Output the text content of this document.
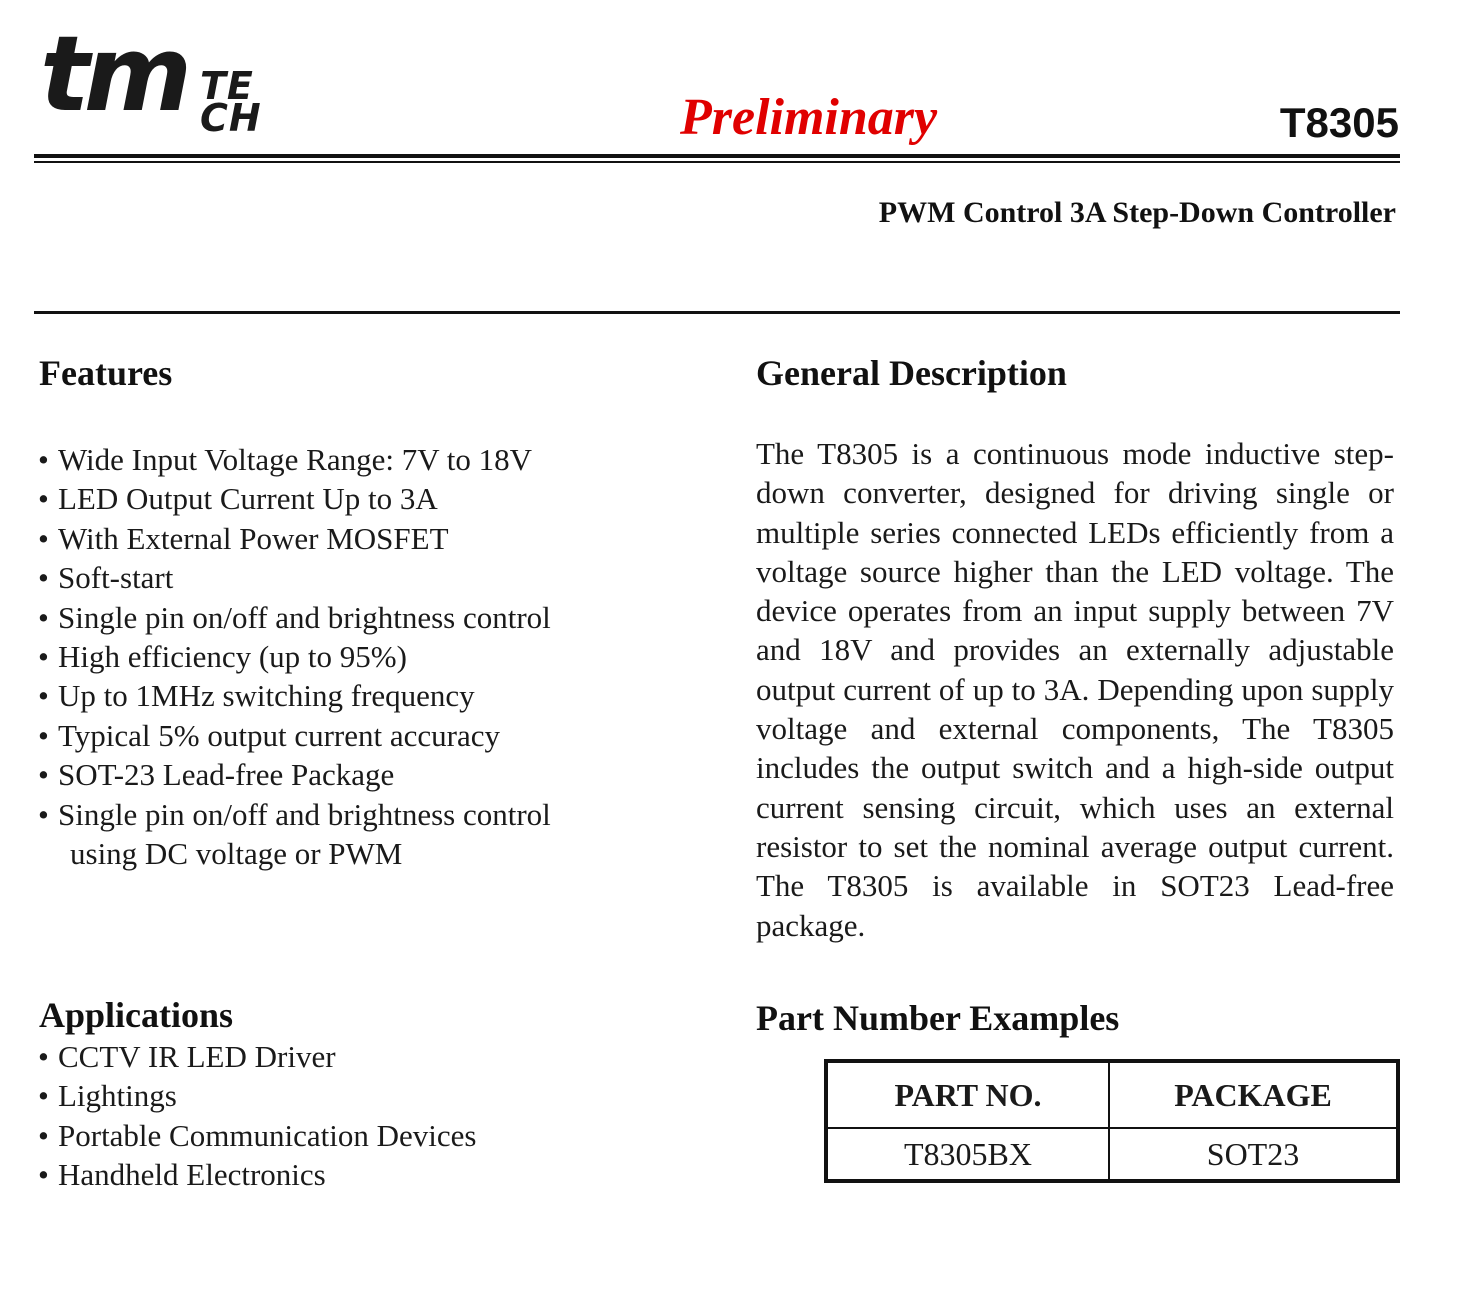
tm TE
CH	Preliminary	T8305
PWM Control 3A Step-Down Controller
Features
• Wide Input Voltage Range: 7V to 18V
• LED Output Current Up to 3A
• With External Power MOSFET
• Soft-start
• Single pin on/off and brightness control
• High efficiency (up to 95%)
• Up to 1MHz switching frequency
• Typical 5% output current accuracy
• SOT-23 Lead-free Package
• Single pin on/off and brightness control
using DC voltage or PWM
Applications
• CCTV IR LED Driver
• Lightings
• Portable Communication Devices
• Handheld Electronics
General Description

The T8305 is a continuous mode inductive step-down converter, designed for driving single or multiple series connected LEDs efficiently from a voltage source higher than the LED voltage. The device operates from an input supply between 7V and 18V and provides an externally adjustable output current of up to 3A. Depending upon supply voltage and external components, The T8305 includes the output switch and a high-side output current sensing circuit, which uses an external resistor to set the nominal average output current. The T8305 is available in SOT23 Lead-free package.

Part Number Examples
PART NO.	PACKAGE
T8305BX	SOT23
